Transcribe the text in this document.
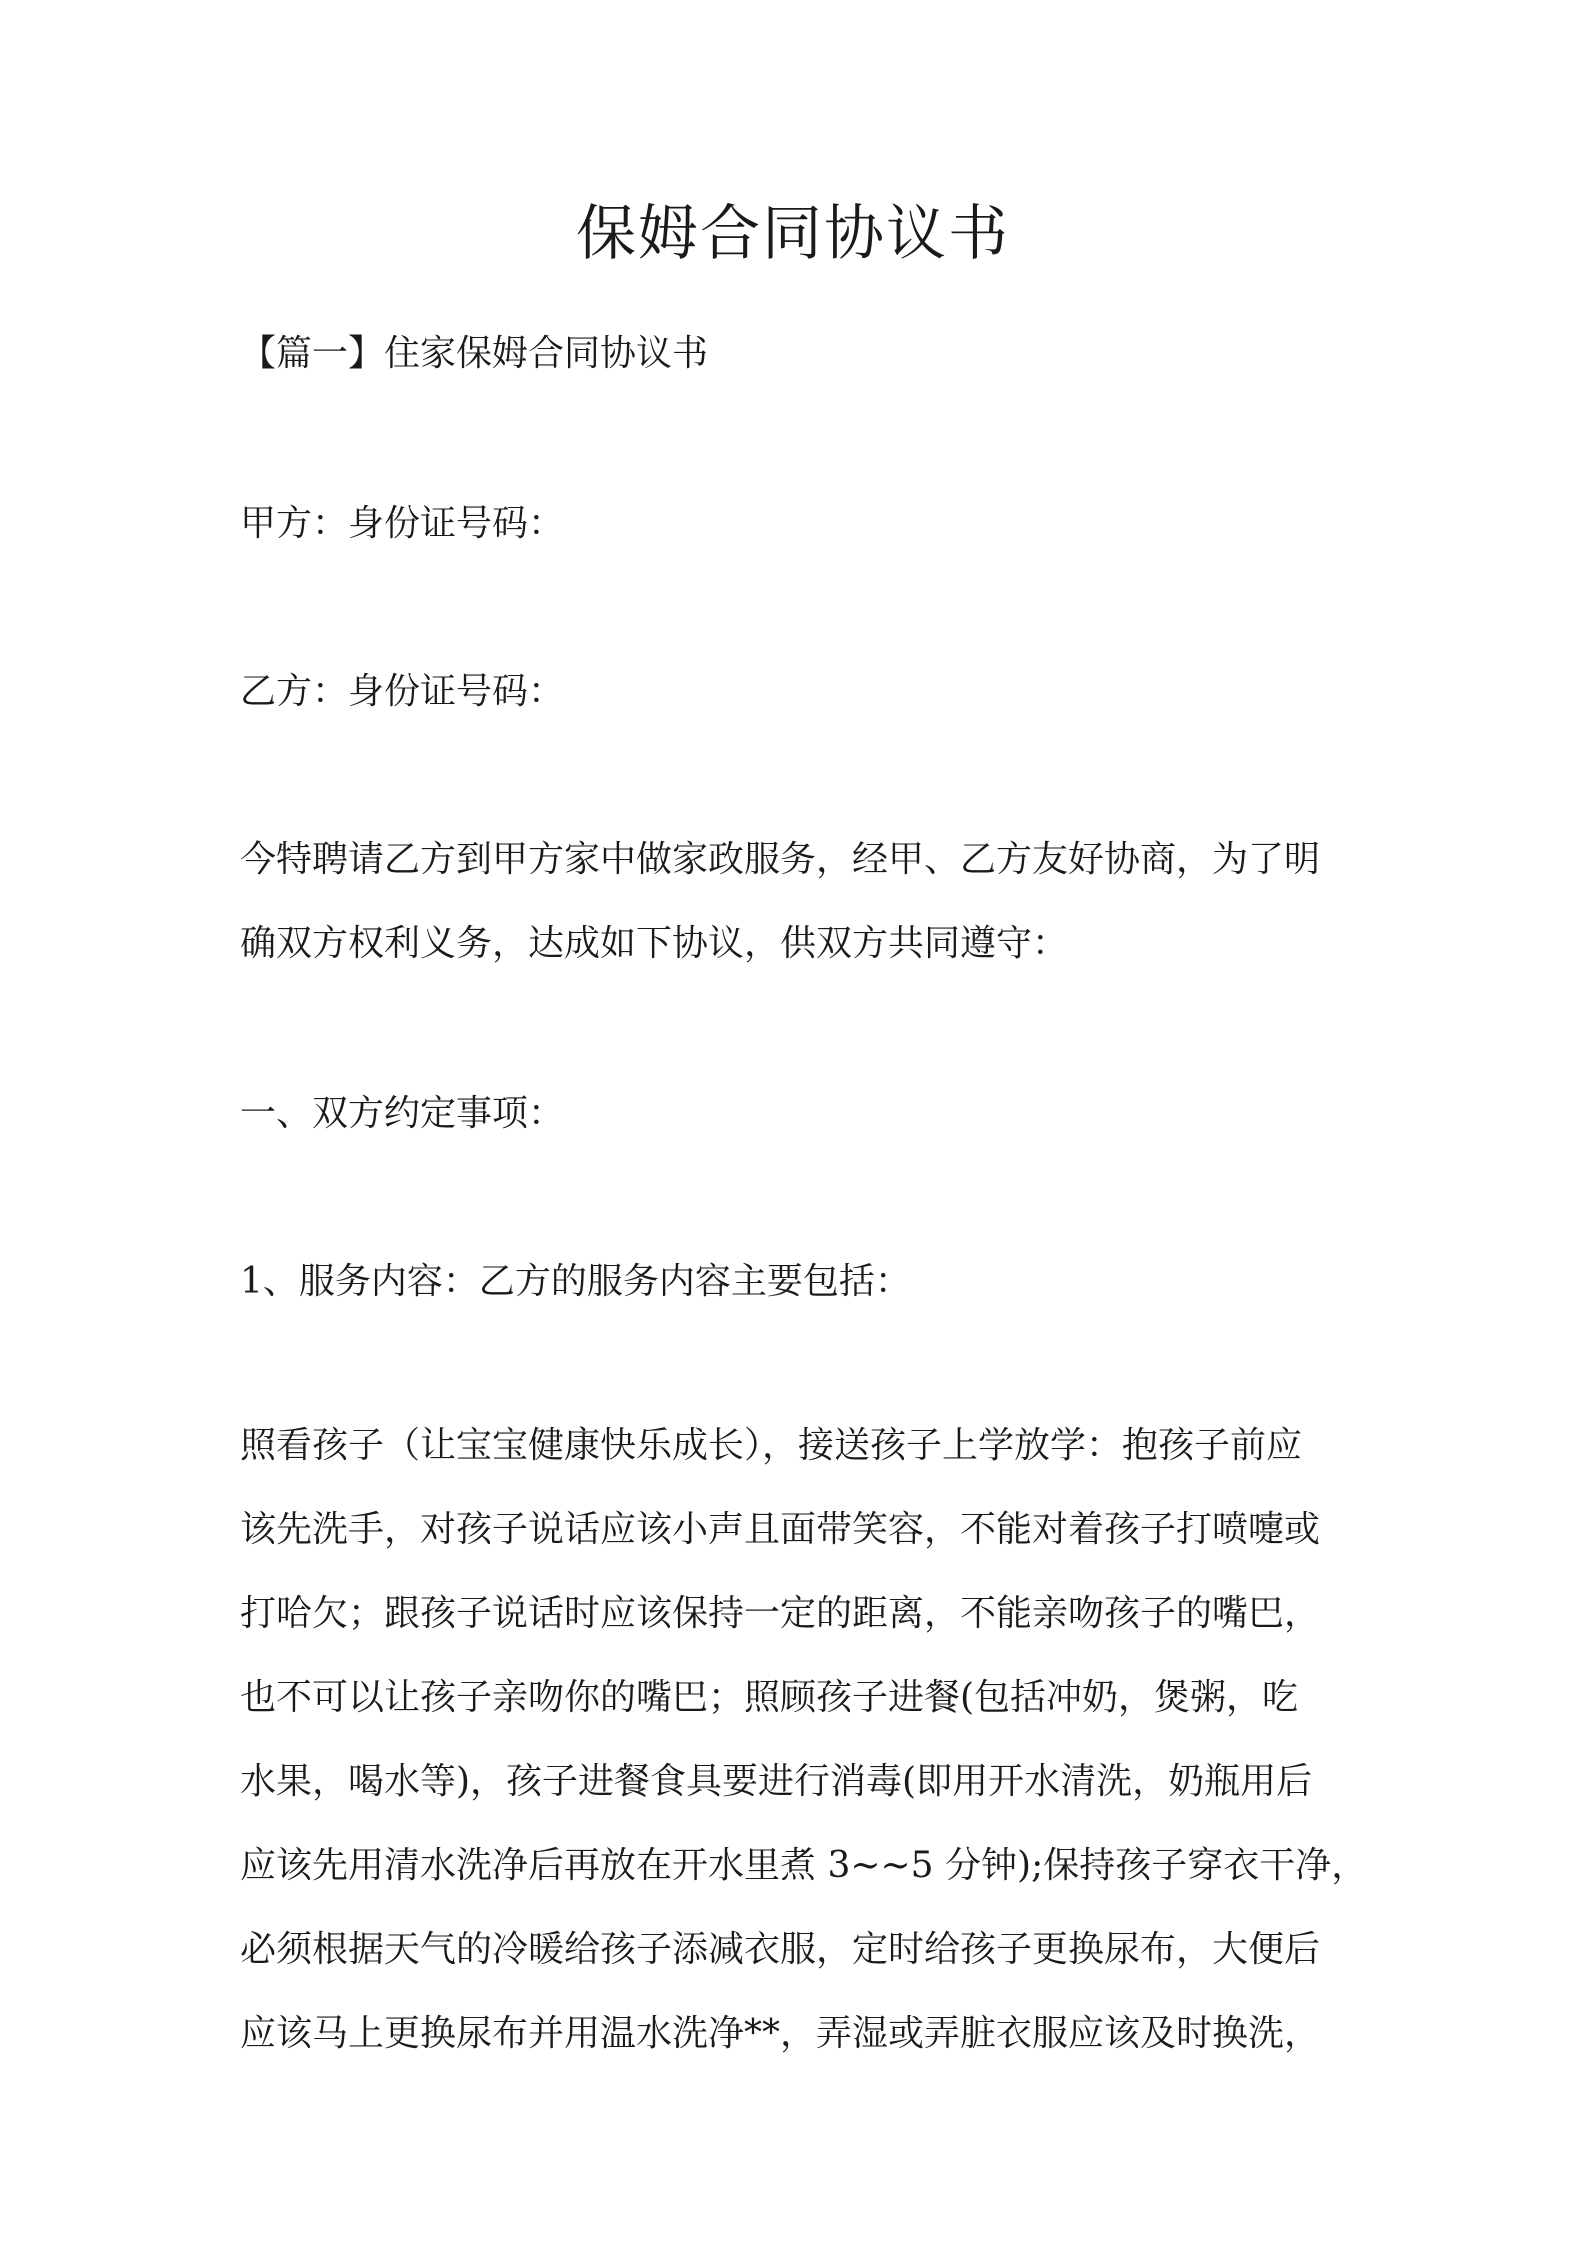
保姆合同协议书

【篇一】住家保姆合同协议书

甲方：身份证号码：

乙方：身份证号码：

今特聘请乙方到甲方家中做家政服务，经甲、乙方友好协商，为了明
确双方权利义务，达成如下协议，供双方共同遵守：

一、双方约定事项：

1、服务内容：乙方的服务内容主要包括：

照看孩子（让宝宝健康快乐成长），接送孩子上学放学：抱孩子前应
该先洗手，对孩子说话应该小声且面带笑容，不能对着孩子打喷嚏或
打哈欠；跟孩子说话时应该保持一定的距离，不能亲吻孩子的嘴巴，
也不可以让孩子亲吻你的嘴巴；照顾孩子进餐(包括冲奶，煲粥，吃
水果，喝水等)，孩子进餐食具要进行消毒(即用开水清洗，奶瓶用后
应该先用清水洗净后再放在开水里煮 3~~5 分钟);保持孩子穿衣干净，
必须根据天气的冷暖给孩子添减衣服，定时给孩子更换尿布，大便后
应该马上更换尿布并用温水洗净**，弄湿或弄脏衣服应该及时换洗，
